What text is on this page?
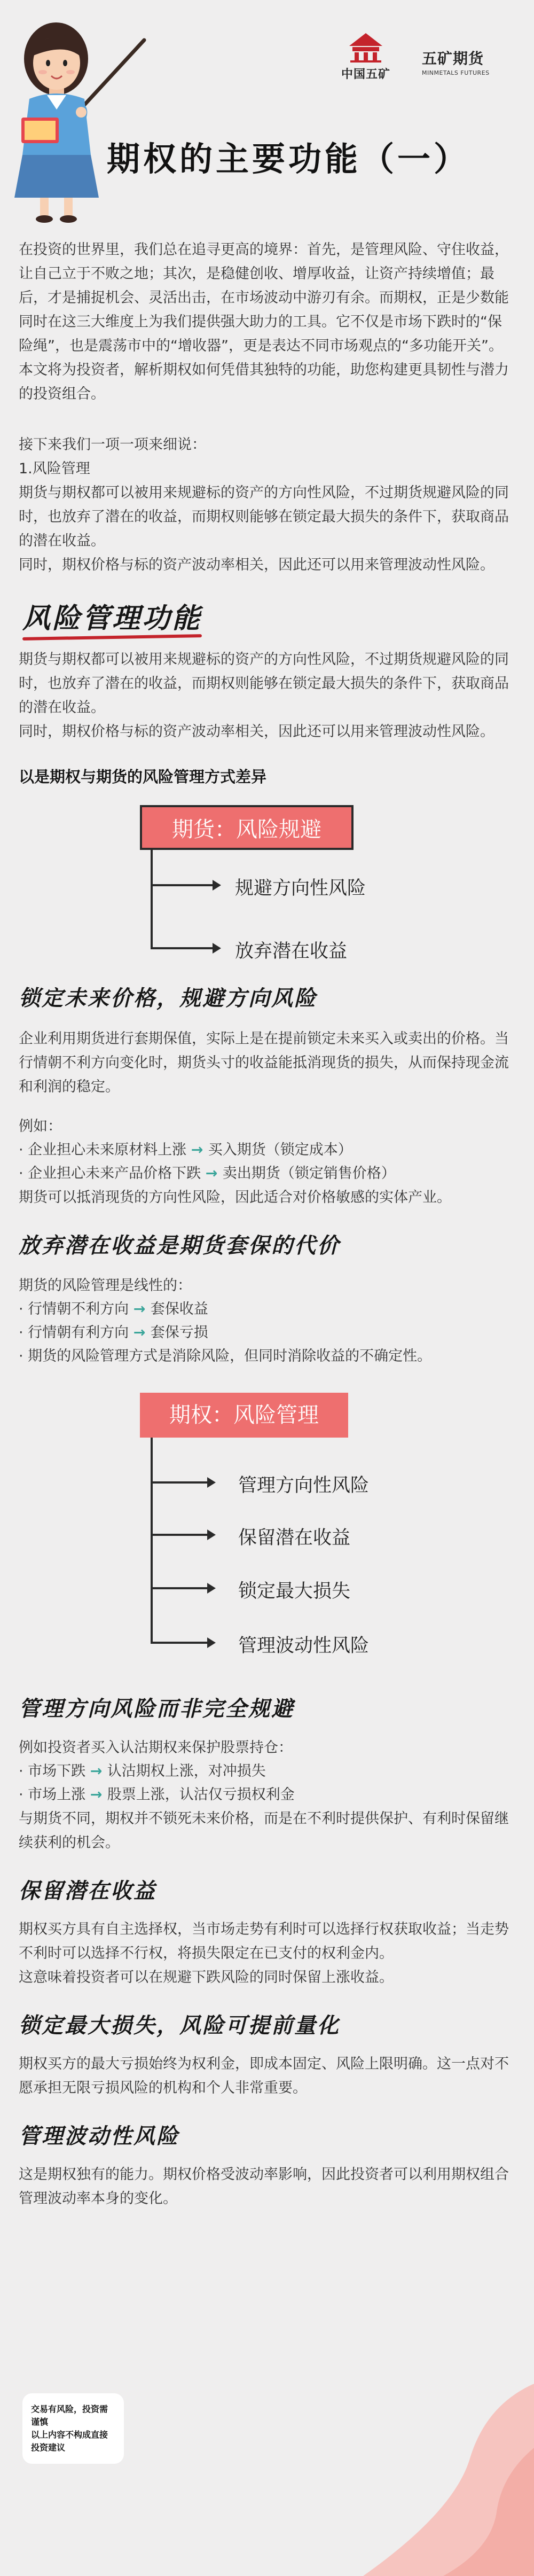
中国五矿
五矿期货
MINMETALS FUTURES
期权的主要功能（一）
在投资的世界里，我们总在追寻更高的境界：首先，是管理风险、守住收益，让自己立于不败之地；其次，是稳健创收、增厚收益，让资产持续增值；最后，才是捕捉机会、灵活出击，在市场波动中游刃有余。而期权，正是少数能同时在这三大维度上为我们提供强大助力的工具。它不仅是市场下跌时的“保险绳”，也是震荡市中的“增收器”，更是表达不同市场观点的“多功能开关”。本文将为投资者，解析期权如何凭借其独特的功能，助您构建更具韧性与潜力的投资组合。
接下来我们一项一项来细说：
1.风险管理
期货与期权都可以被用来规避标的资产的方向性风险，不过期货规避风险的同时，也放弃了潜在的收益，而期权则能够在锁定最大损失的条件下，获取商品的潜在收益。
同时，期权价格与标的资产波动率相关，因此还可以用来管理波动性风险。
风险管理功能
期货与期权都可以被用来规避标的资产的方向性风险，不过期货规避风险的同时，也放弃了潜在的收益，而期权则能够在锁定最大损失的条件下，获取商品的潜在收益。
同时，期权价格与标的资产波动率相关，因此还可以用来管理波动性风险。
以是期权与期货的风险管理方式差异
期货：风险规避
规避方向性风险
放弃潜在收益
锁定未来价格，规避方向风险
企业利用期货进行套期保值，实际上是在提前锁定未来买入或卖出的价格。当行情朝不利方向变化时，期货头寸的收益能抵消现货的损失，从而保持现金流和利润的稳定。
例如：
· 企业担心未来原材料上涨 → 买入期货（锁定成本）
· 企业担心未来产品价格下跌 → 卖出期货（锁定销售价格）
期货可以抵消现货的方向性风险，因此适合对价格敏感的实体产业。
放弃潜在收益是期货套保的代价
期货的风险管理是线性的：
· 行情朝不利方向 → 套保收益
· 行情朝有利方向 → 套保亏损
· 期货的风险管理方式是消除风险，但同时消除收益的不确定性。
期权：风险管理
管理方向性风险
保留潜在收益
锁定最大损失
管理波动性风险
管理方向风险而非完全规避
例如投资者买入认沽期权来保护股票持仓：
· 市场下跌 → 认沽期权上涨，对冲损失
· 市场上涨 → 股票上涨，认沽仅亏损权利金
与期货不同，期权并不锁死未来价格，而是在不利时提供保护、有利时保留继续获利的机会。
保留潜在收益
期权买方具有自主选择权，当市场走势有利时可以选择行权获取收益；当走势不利时可以选择不行权，将损失限定在已支付的权利金内。
这意味着投资者可以在规避下跌风险的同时保留上涨收益。
锁定最大损失，风险可提前量化
期权买方的最大亏损始终为权利金，即成本固定、风险上限明确。这一点对不愿承担无限亏损风险的机构和个人非常重要。
管理波动性风险
这是期权独有的能力。期权价格受波动率影响，因此投资者可以利用期权组合管理波动率本身的变化。
交易有风险，投资需谨慎
以上内容不构成直接投资建议
